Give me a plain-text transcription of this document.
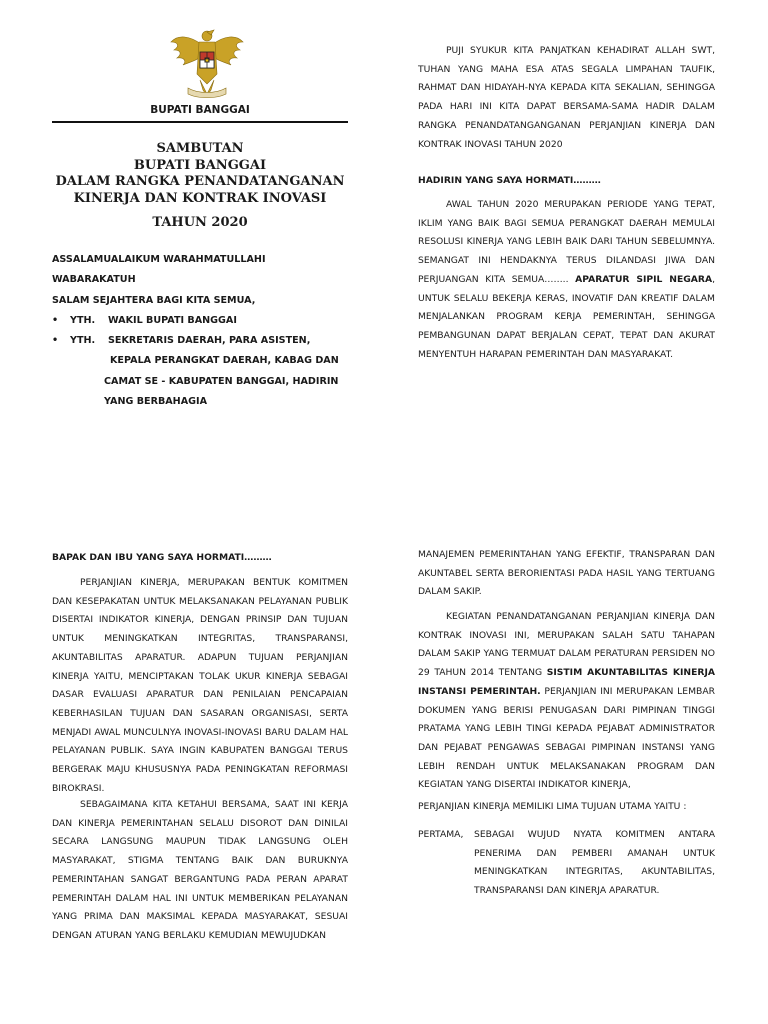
BUPATI BANGGAI
SAMBUTAN
BUPATI BANGGAI
DALAM RANGKA PENANDATANGANAN
KINERJA DAN KONTRAK INOVASI
TAHUN 2020
ASSALAMUALAIKUM WARAHMATULLAHI
WABARAKATUH
SALAM SEJAHTERA BAGI KITA SEMUA,
•	YTH.	WAKIL BUPATI BANGGAI
•	YTH.	SEKRETARIS DAERAH, PARA ASISTEN,
KEPALA PERANGKAT DAERAH, KABAG DAN
CAMAT SE - KABUPATEN BANGGAI, HADIRIN
YANG BERBAHAGIA
PUJI SYUKUR KITA PANJATKAN KEHADIRAT ALLAH SWT, TUHAN YANG MAHA ESA ATAS SEGALA LIMPAHAN TAUFIK, RAHMAT DAN HIDAYAH-NYA KEPADA KITA SEKALIAN, SEHINGGA PADA HARI INI KITA DAPAT BERSAMA-SAMA HADIR DALAM RANGKA PENANDATANGANGANAN PERJANJIAN KINERJA DAN KONTRAK INOVASI TAHUN 2020
HADIRIN YANG SAYA HORMATI………
AWAL TAHUN 2020 MERUPAKAN PERIODE YANG TEPAT, IKLIM YANG BAIK BAGI SEMUA PERANGKAT DAERAH MEMULAI RESOLUSI KINERJA YANG LEBIH BAIK DARI TAHUN SEBELUMNYA. SEMANGAT INI HENDAKNYA TERUS DILANDASI JIWA DAN PERJUANGAN KITA SEMUA…….. APARATUR SIPIL NEGARA, UNTUK SELALU BEKERJA KERAS, INOVATIF DAN KREATIF DALAM MENJALANKAN PROGRAM KERJA PEMERINTAH, SEHINGGA PEMBANGUNAN DAPAT BERJALAN CEPAT, TEPAT DAN AKURAT MENYENTUH HARAPAN PEMERINTAH DAN MASYARAKAT.
BAPAK DAN IBU YANG SAYA HORMATI………
PERJANJIAN KINERJA, MERUPAKAN BENTUK KOMITMEN DAN KESEPAKATAN UNTUK MELAKSANAKAN PELAYANAN PUBLIK DISERTAI INDIKATOR KINERJA, DENGAN PRINSIP DAN TUJUAN UNTUK MENINGKATKAN INTEGRITAS, TRANSPARANSI, AKUNTABILITAS APARATUR. ADAPUN TUJUAN PERJANJIAN KINERJA YAITU, MENCIPTAKAN TOLAK UKUR KINERJA SEBAGAI DASAR EVALUASI APARATUR DAN PENILAIAN PENCAPAIAN KEBERHASILAN TUJUAN DAN SASARAN ORGANISASI, SERTA MENJADI AWAL MUNCULNYA INOVASI-INOVASI BARU DALAM HAL PELAYANAN PUBLIK. SAYA INGIN KABUPATEN BANGGAI TERUS BERGERAK MAJU KHUSUSNYA PADA PENINGKATAN REFORMASI BIROKRASI.
SEBAGAIMANA KITA KETAHUI BERSAMA, SAAT INI KERJA DAN KINERJA PEMERINTAHAN SELALU DISOROT DAN DINILAI SECARA LANGSUNG MAUPUN TIDAK LANGSUNG OLEH MASYARAKAT, STIGMA TENTANG BAIK DAN BURUKNYA PEMERINTAHAN SANGAT BERGANTUNG PADA PERAN APARAT PEMERINTAH DALAM HAL INI UNTUK MEMBERIKAN PELAYANAN YANG PRIMA DAN MAKSIMAL KEPADA MASYARAKAT, SESUAI DENGAN ATURAN YANG BERLAKU KEMUDIAN MEWUJUDKAN
MANAJEMEN PEMERINTAHAN YANG EFEKTIF, TRANSPARAN DAN AKUNTABEL SERTA BERORIENTASI PADA HASIL YANG TERTUANG DALAM SAKIP.
KEGIATAN PENANDATANGANAN PERJANJIAN KINERJA DAN KONTRAK INOVASI INI, MERUPAKAN SALAH SATU TAHAPAN DALAM SAKIP YANG TERMUAT DALAM PERATURAN PERSIDEN NO 29 TAHUN 2014 TENTANG SISTIM AKUNTABILITAS KINERJA INSTANSI PEMERINTAH. PERJANJIAN INI MERUPAKAN LEMBAR DOKUMEN YANG BERISI PENUGASAN DARI PIMPINAN TINGGI PRATAMA YANG LEBIH TINGI KEPADA PEJABAT ADMINISTRATOR DAN PEJABAT PENGAWAS SEBAGAI PIMPINAN INSTANSI YANG LEBIH RENDAH UNTUK MELAKSANAKAN PROGRAM DAN KEGIATAN YANG DISERTAI INDIKATOR KINERJA,
PERJANJIAN KINERJA MEMILIKI LIMA TUJUAN UTAMA YAITU :
PERTAMA,	SEBAGAI WUJUD NYATA KOMITMEN ANTARA PENERIMA DAN PEMBERI AMANAH UNTUK MENINGKATKAN INTEGRITAS, AKUNTABILITAS, TRANSPARANSI DAN KINERJA APARATUR.
